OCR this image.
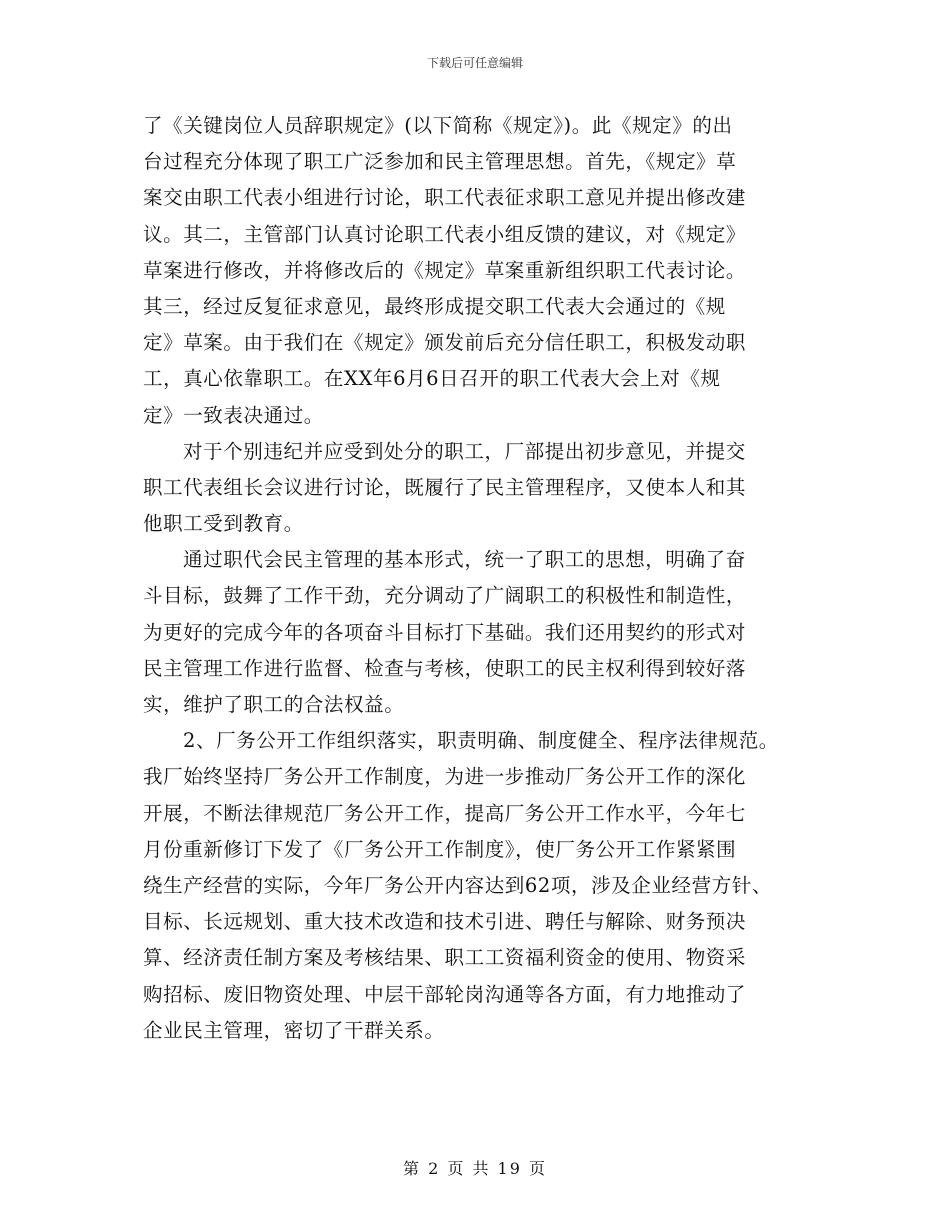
下载后可任意编辑
了《关键岗位人员辞职规定》(以下简称《规定》)。此《规定》的出
台过程充分体现了职工广泛参加和民主管理思想。首先，《规定》草
案交由职工代表小组进行讨论，职工代表征求职工意见并提出修改建
议。其二，主管部门认真讨论职工代表小组反馈的建议，对《规定》
草案进行修改，并将修改后的《规定》草案重新组织职工代表讨论。
其三，经过反复征求意见，最终形成提交职工代表大会通过的《规
定》草案。由于我们在《规定》颁发前后充分信任职工，积极发动职
工，真心依靠职工。在XX年6月6日召开的职工代表大会上对《规
定》一致表决通过。
对于个别违纪并应受到处分的职工，厂部提出初步意见，并提交
职工代表组长会议进行讨论，既履行了民主管理程序，又使本人和其
他职工受到教育。
通过职代会民主管理的基本形式，统一了职工的思想，明确了奋
斗目标，鼓舞了工作干劲，充分调动了广阔职工的积极性和制造性，
为更好的完成今年的各项奋斗目标打下基础。我们还用契约的形式对
民主管理工作进行监督、检查与考核，使职工的民主权利得到较好落
实，维护了职工的合法权益。
2、厂务公开工作组织落实，职责明确、制度健全、程序法律规范。
我厂始终坚持厂务公开工作制度，为进一步推动厂务公开工作的深化
开展，不断法律规范厂务公开工作，提高厂务公开工作水平，今年七
月份重新修订下发了《厂务公开工作制度》，使厂务公开工作紧紧围
绕生产经营的实际，今年厂务公开内容达到62项，涉及企业经营方针、
目标、长远规划、重大技术改造和技术引进、聘任与解除、财务预决
算、经济责任制方案及考核结果、职工工资福利资金的使用、物资采
购招标、废旧物资处理、中层干部轮岗沟通等各方面，有力地推动了
企业民主管理，密切了干群关系。
第 2 页 共 19 页
